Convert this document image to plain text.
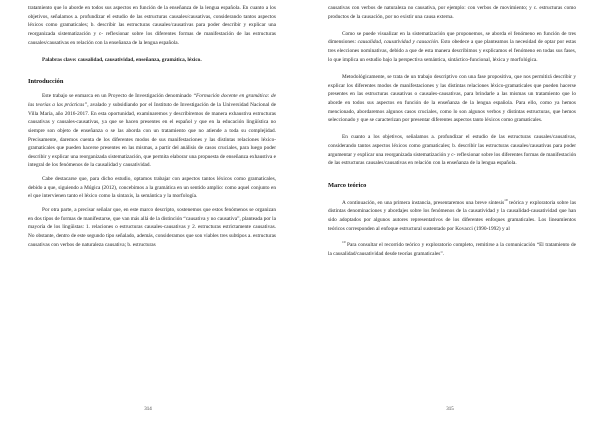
tratamiento que lo aborde en todos sus aspectos en función de la enseñanza de la lengua española. En cuanto a los objetivos, señalamos a. profundizar el estudio de las estructuras causales/causativas, considerando tantos aspectos léxicos como gramaticales; b. describir las estructuras causales/causativas para poder describir y explicar una reorganizada sistematización y c- reflexionar sobre los diferentes formas de manifestación de las estructuras causales/causativas en relación con la enseñanza de la lengua española.

Palabras clave: causalidad, causatividad, enseñanza, gramática, léxico.

Introducción

Este trabajo se enmarca en un Proyecto de Investigación denominado “Formación docente en gramática: de las teorías a las prácticas”, avalado y subsidiando por el Instituto de Investigación de la Universidad Nacional de Villa María, año 2016-2017. En esta oportunidad, examinaremos y describiremos de manera exhaustiva estructuras causativas y causales-causativas, ya que se hacen presentes en el español y que en la educación lingüística no siempre son objeto de enseñanza o se las aborda con un tratamiento que no atiende a toda su complejidad. Precisamente, daremos cuenta de los diferentes modos de sus manifestaciones y las distintas relaciones léxico-gramaticales que pueden hacerse presentes en las mismas, a partir del análisis de casos cruciales, para luego poder describir y explicar una reorganizada sistematización, que permita elaborar una propuesta de enseñanza exhaustiva e integral de los fenómenos de la causalidad y causatividad.

Cabe destacarse que, para dicho estudio, optamos trabajar con aspectos tantos léxicos como gramaticales, debido a que, siguiendo a Múgica (2012), concebimos a la gramática en un sentido amplio: como aquel conjunto en el que intervienen tanto el léxico como la sintaxis, la semántica y la morfología.

Por otra parte, a precisar señalar que, en este marco descripto, sostenemos que estos fenómenos se organizan en dos tipos de formas de manifestarse, que van más allá de la distinción “causativa y no causativa”, planteada por la mayoría de los lingüistas: 1. relaciones o estructuras causales-causativas y 2. estructuras estrictamente causativas. No obstante, dentro de este segundo tipo señalado, además, consideramos que son viables tres subtipos a. estructuras causativas con verbos de naturaleza causativa; b. estructuras

314

causativas con verbos de naturaleza no causativa, por ejemplo: con verbos de movimiento; y c. estructuras como productos de la causación, por no existir una causa externa.

Como se puede visualizar en la sistematización que proponemos, se aborda el fenómeno en función de tres dimensiones: causalidad, causatividad y causación. Esto obedece a que planteamos la necesidad de optar por estas tres elecciones nominativas, debido a que de esta manera describimos y explicamos el fenómeno en todas sus fases, lo que implica un estudio bajo la perspectiva semántica, sintáctico-funcional, léxica y morfológica.

Metodológicamente, se trata de un trabajo descriptivo con una fase propositiva, que nos permitirá describir y explicar los diferentes modos de manifestaciones y las distintas relaciones léxico-gramaticales que pueden hacerse presentes en las estructuras causativas o causales-causativas, para brindarle a las mismas un tratamiento que lo aborde en todos sus aspectos en función de la enseñanza de la lengua española. Para ello, como ya hemos mencionado, abordaremos algunos casos cruciales, como lo son algunos verbos y distintas estructuras, que hemos seleccionado y que se caracterizan por presentar diferentes aspectos tanto léxicos como gramaticales.

En cuanto a los objetivos, señalamos a. profundizar el estudio de las estructuras causales/causativas, considerando tantos aspectos léxicos como gramaticales; b. describir las estructuras causales/causativas para poder argumentar y explicar una reorganizada sistematización y c- reflexionar sobre los diferentes formas de manifestación de las estructuras causales/causativas en relación con la enseñanza de la lengua española.

Marco teórico

A continuación, en una primera instancia, presentaremos una breve síntesis$^{10}$ teórica y exploratoria sobre las distintas denominaciones y abordajes sobre los fenómenos de la causatividad y la causalidad-causatividad que han sido adoptados por algunos autores representativos de los diferentes enfoques gramaticales. Los lineamientos teóricos corresponden al enfoque estructural sustentado por Kovacci (1990-1992) y al

$^{10}$ Para consultar el recorrido teórico y exploratorio completo, remitirse a la comunicación “El tratamiento de la causalidad/causatividad desde teorías gramaticales”.

315
